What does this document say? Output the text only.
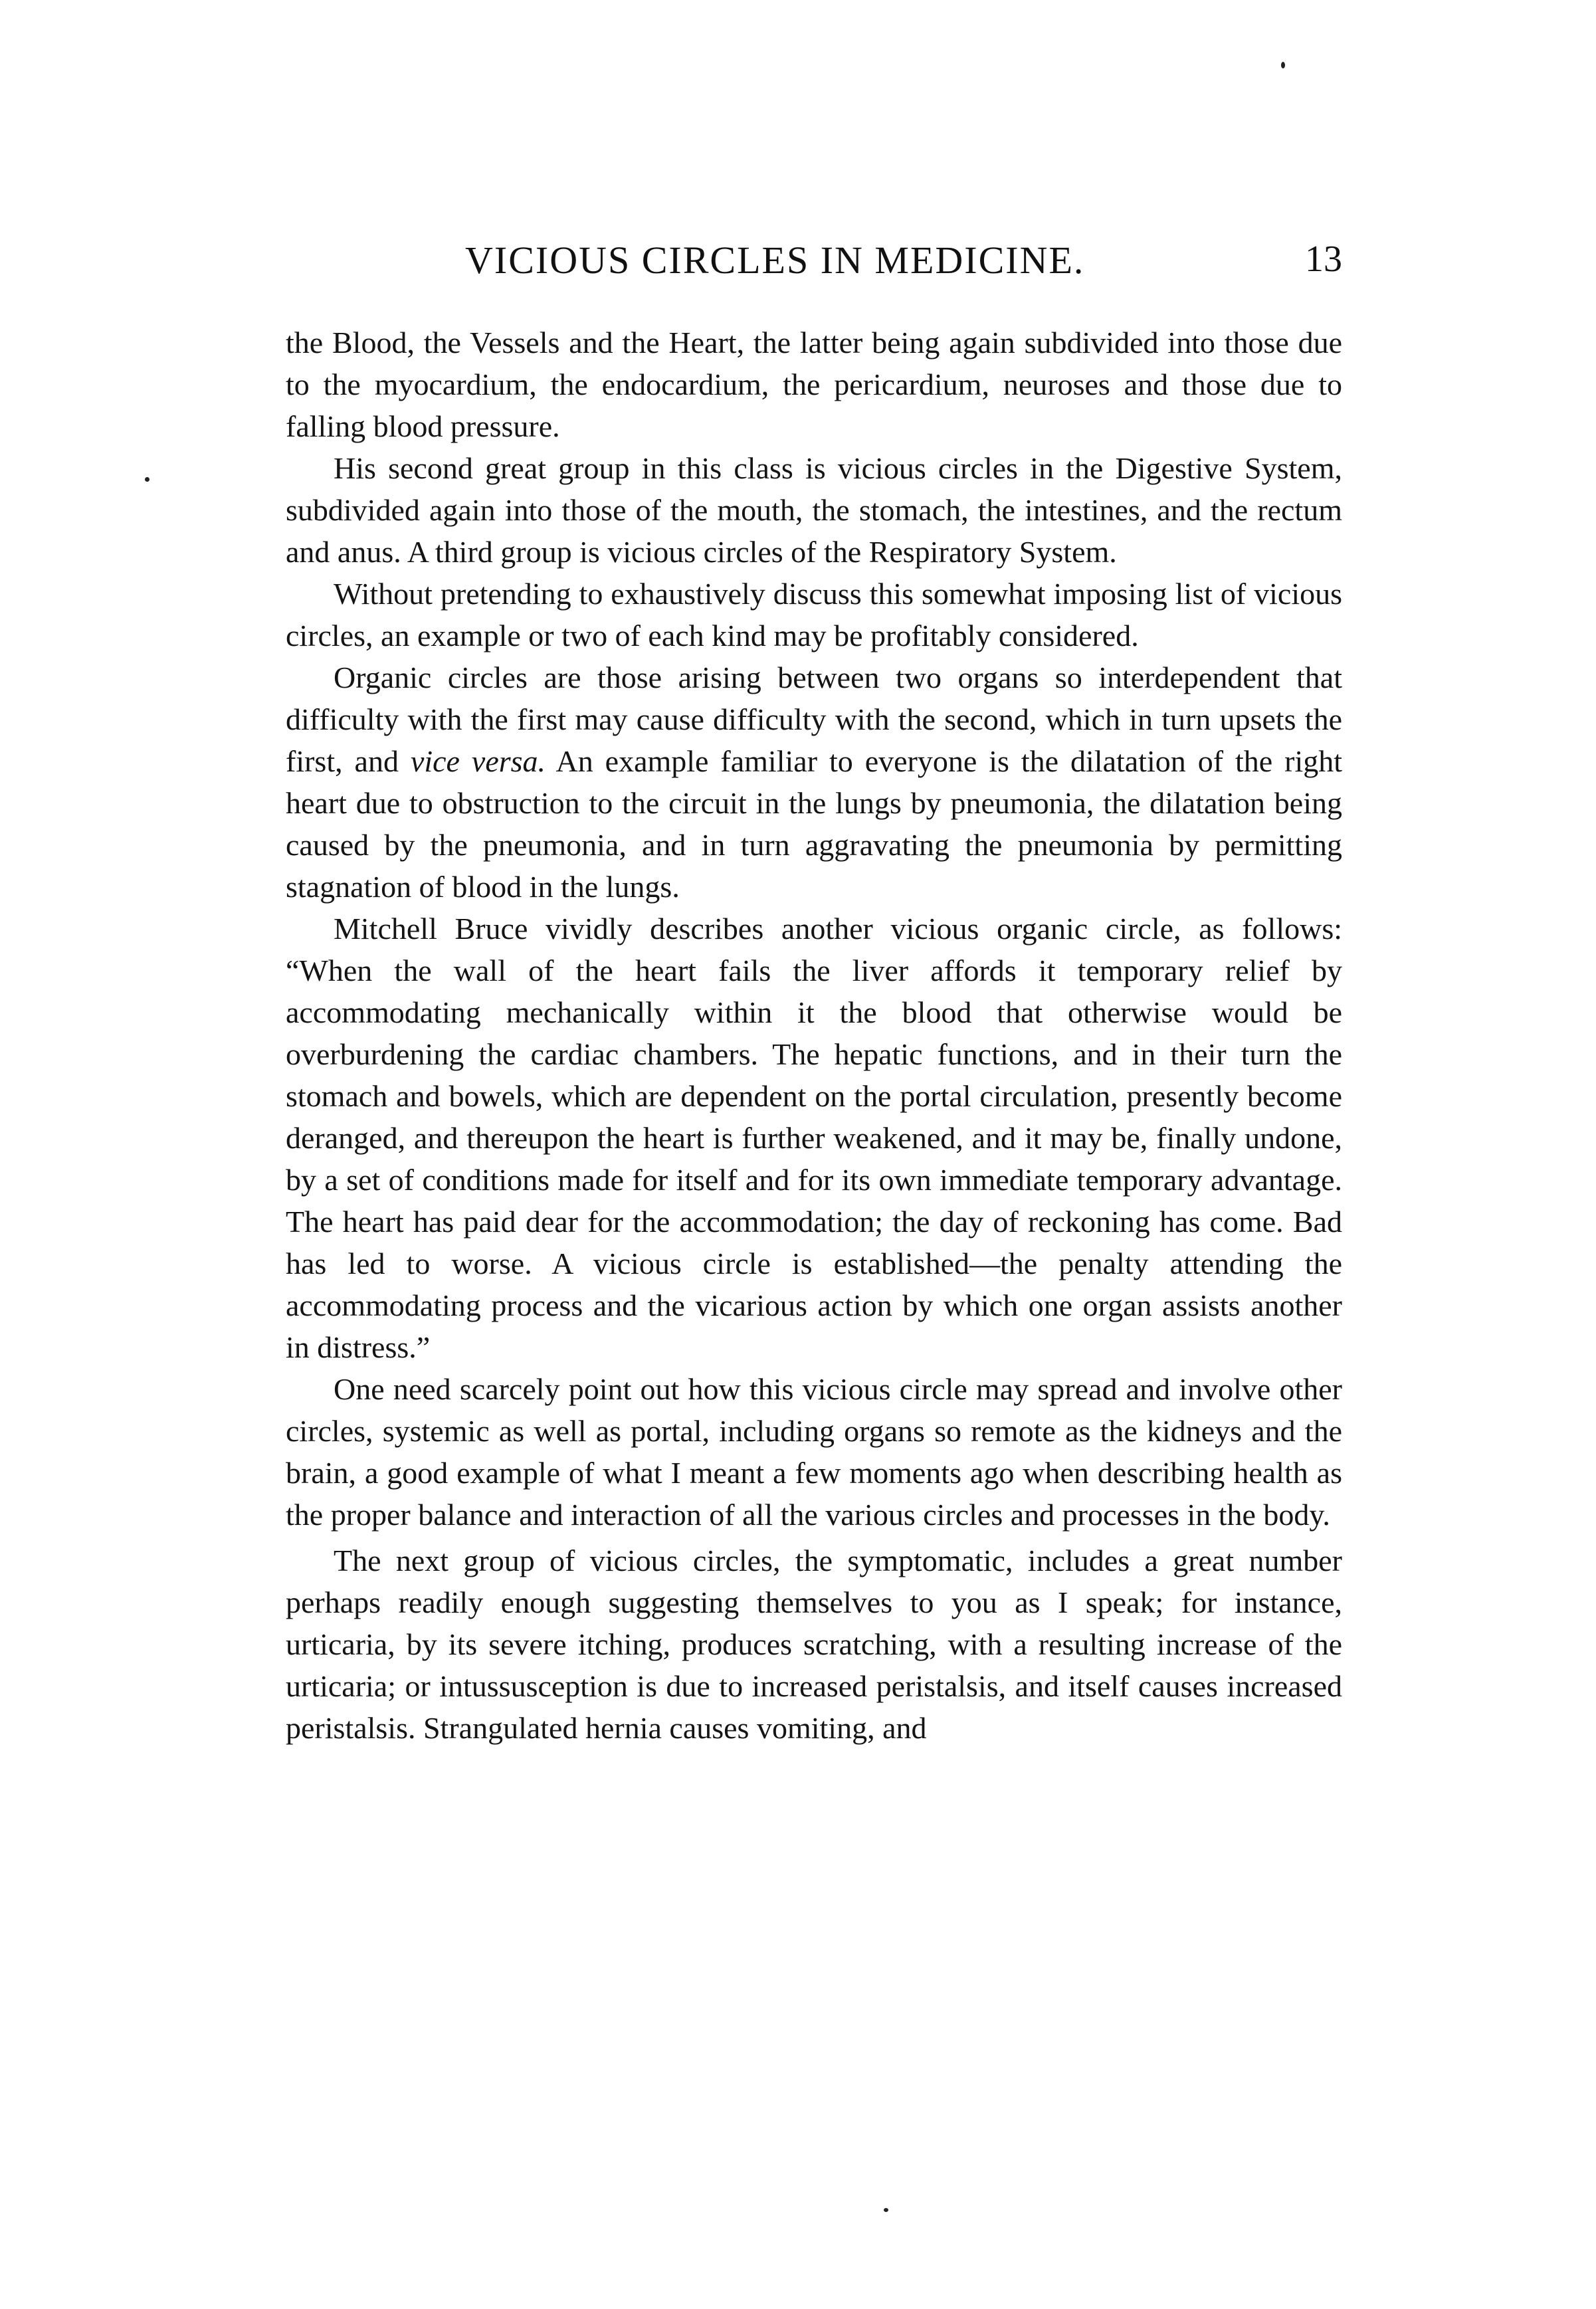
VICIOUS CIRCLES IN MEDICINE.	13

the Blood, the Vessels and the Heart, the latter being again subdivided into those due to the myocardium, the endocardium, the pericardium, neuroses and those due to falling blood pressure.

His second great group in this class is vicious circles in the Digestive System, subdivided again into those of the mouth, the stomach, the intestines, and the rectum and anus. A third group is vicious circles of the Respiratory System.

Without pretending to exhaustively discuss this somewhat imposing list of vicious circles, an example or two of each kind may be profitably considered.

Organic circles are those arising between two organs so interdependent that difficulty with the first may cause difficulty with the second, which in turn upsets the first, and vice versa. An example familiar to everyone is the dilatation of the right heart due to obstruction to the circuit in the lungs by pneumonia, the dilatation being caused by the pneumonia, and in turn aggravating the pneumonia by permitting stagnation of blood in the lungs.

Mitchell Bruce vividly describes another vicious organic circle, as follows: “When the wall of the heart fails the liver affords it temporary relief by accommodating mechanically within it the blood that otherwise would be overburdening the cardiac chambers. The hepatic functions, and in their turn the stomach and bowels, which are dependent on the portal circulation, presently become deranged, and thereupon the heart is further weakened, and it may be, finally undone, by a set of conditions made for itself and for its own immediate temporary advantage. The heart has paid dear for the accommodation; the day of reckoning has come. Bad has led to worse. A vicious circle is established—the penalty attending the accommodating process and the vicarious action by which one organ assists another in distress.”

One need scarcely point out how this vicious circle may spread and involve other circles, systemic as well as portal, including organs so remote as the kidneys and the brain, a good example of what I meant a few moments ago when describing health as the proper balance and interaction of all the various circles and processes in the body.

The next group of vicious circles, the symptomatic, includes a great number perhaps readily enough suggesting themselves to you as I speak; for instance, urticaria, by its severe itching, produces scratching, with a resulting increase of the urticaria; or intussusception is due to increased peristalsis, and itself causes increased peristalsis. Strangulated hernia causes vomiting, and
